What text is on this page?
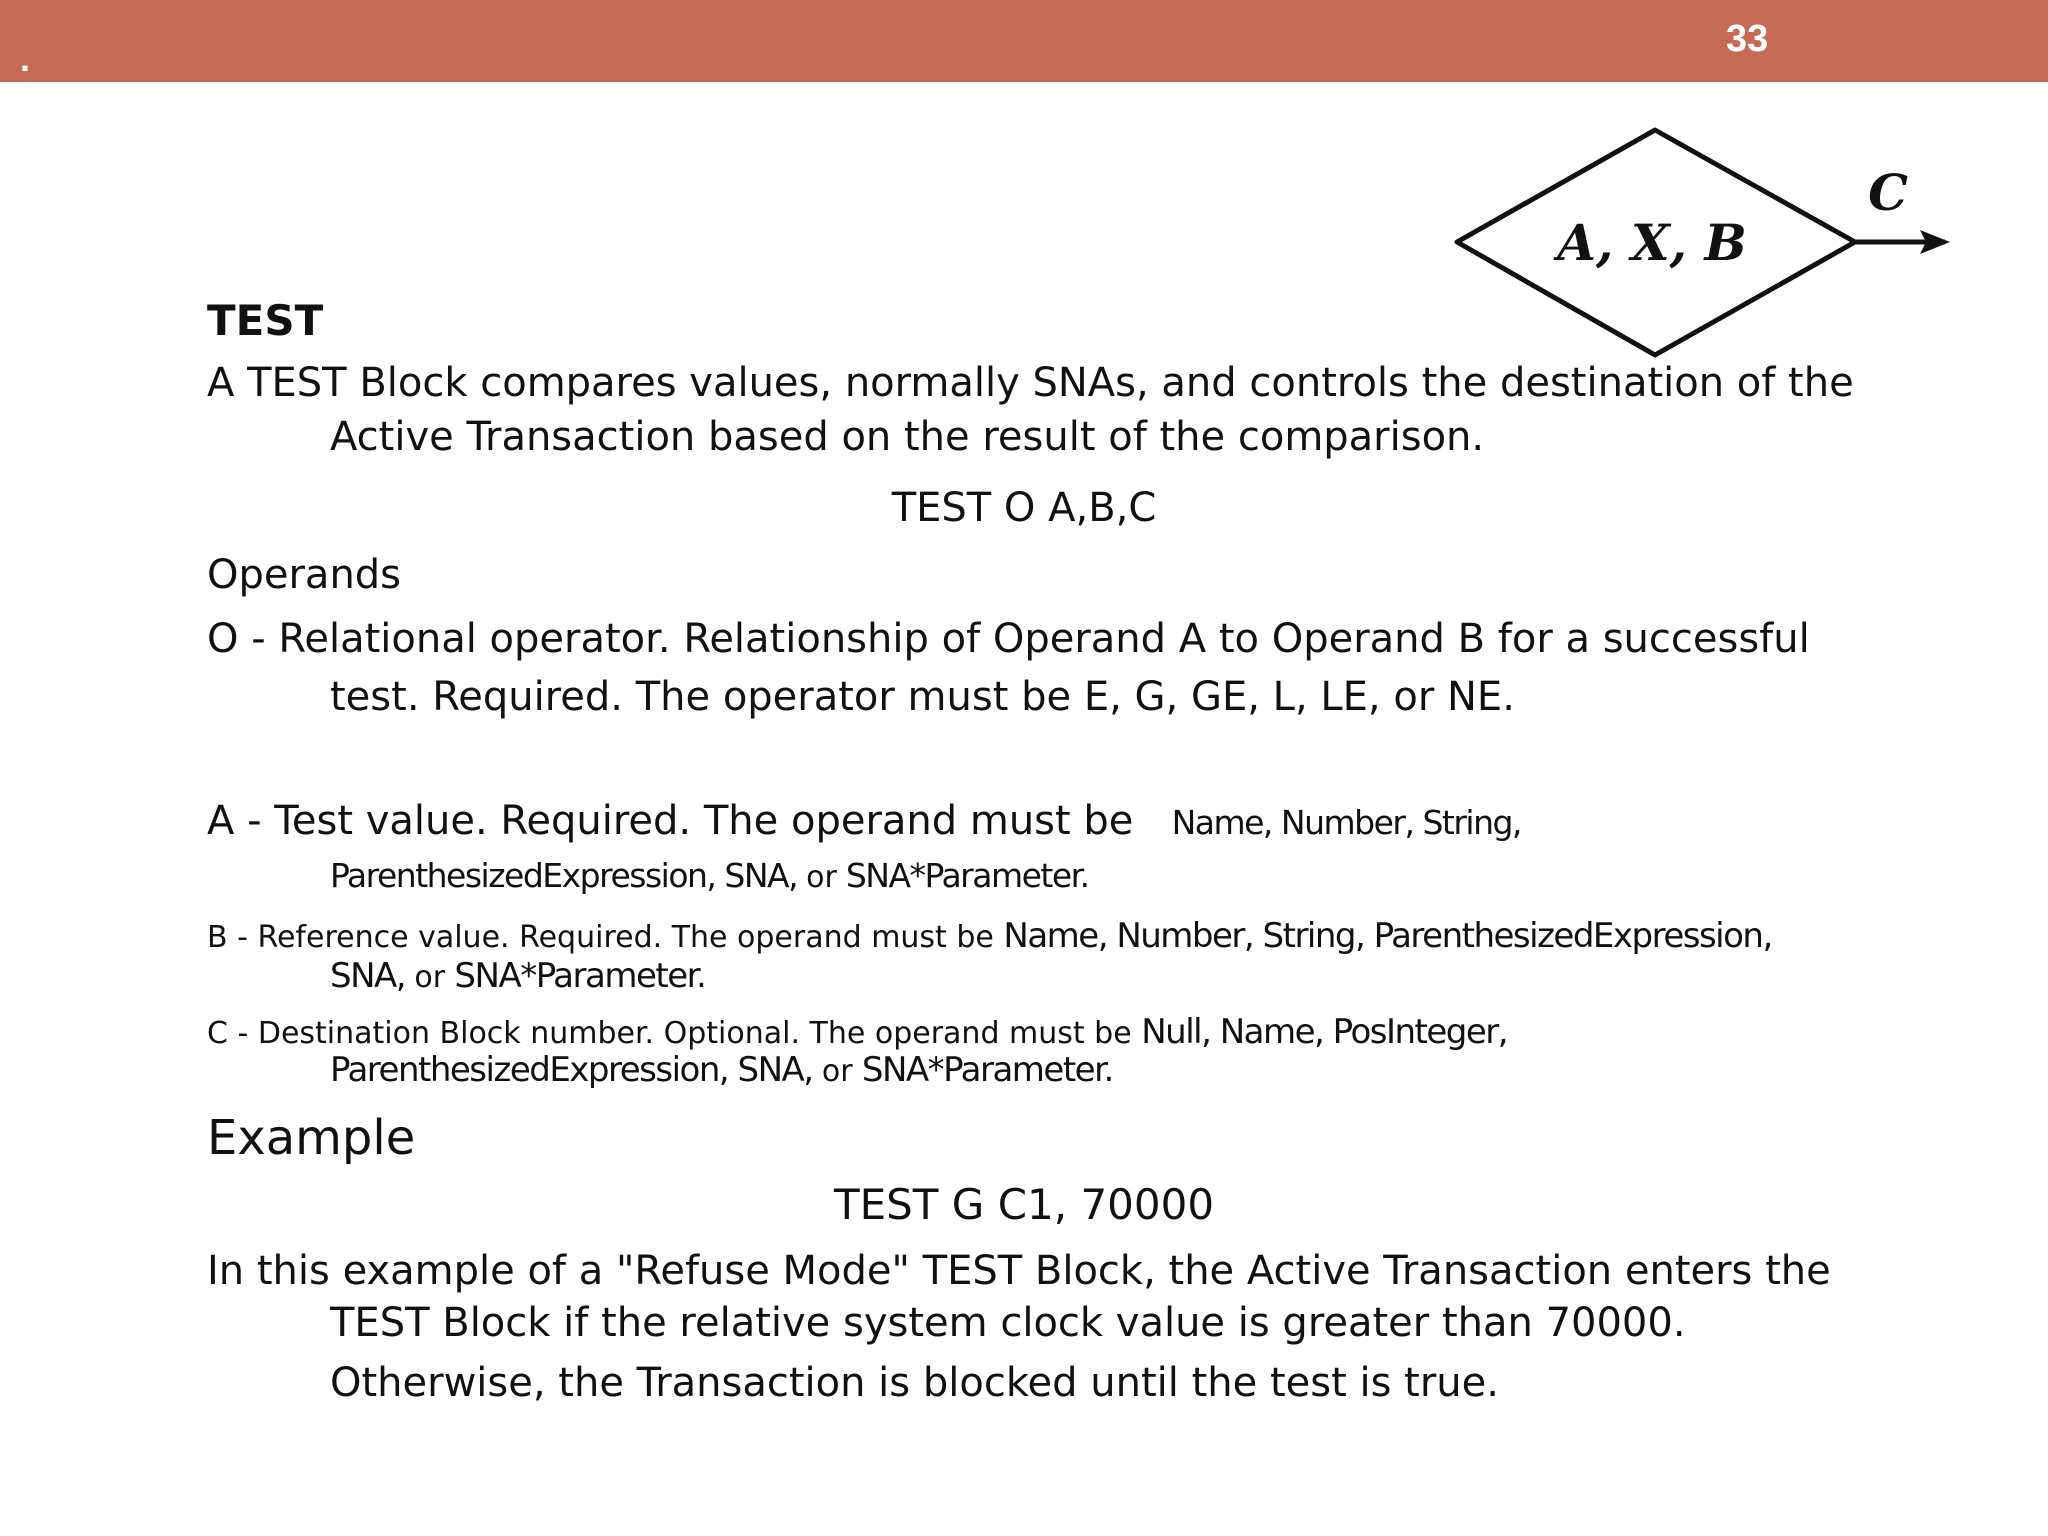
.	33
A, X, B
C
TEST
A TEST Block compares values, normally SNAs, and controls the destination of the
Active Transaction based on the result of the comparison.
TEST O A,B,C
Operands
O - Relational operator. Relationship of Operand A to Operand B for a successful
test. Required. The operator must be E, G, GE, L, LE, or NE.
A - Test value. Required. The operand must be Name, Number, String,
ParenthesizedExpression, SNA, or SNA*Parameter.
B - Reference value. Required. The operand must be Name, Number, String, ParenthesizedExpression,
SNA, or SNA*Parameter.
C - Destination Block number. Optional. The operand must be Null, Name, PosInteger,
ParenthesizedExpression, SNA, or SNA*Parameter.
Example
TEST G C1, 70000
In this example of a "Refuse Mode" TEST Block, the Active Transaction enters the
TEST Block if the relative system clock value is greater than 70000.
Otherwise, the Transaction is blocked until the test is true.
